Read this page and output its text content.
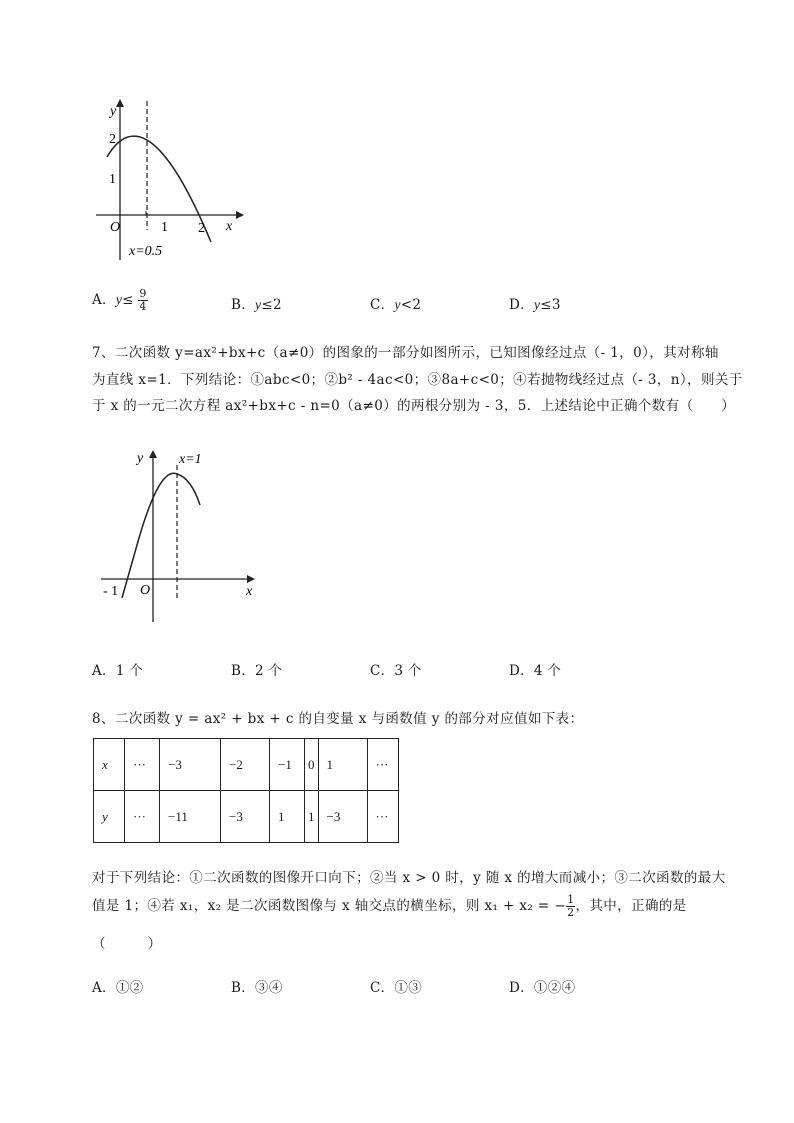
y
2
1
O	1 2 x
x=0.5
A．$y\le \frac{9}{4}$	B．y≤2	C．y<2	D．y≤3
7、二次函数 y=ax²+bx+c（a≠0）的图象的一部分如图所示，已知图像经过点（- 1，0），其对称轴
为直线 x=1．下列结论：①abc<0；②b² - 4ac<0；③8a+c<0；④若抛物线经过点（- 3，n），则关于
于 x 的一元二次方程 ax²+bx+c - n=0（a≠0）的两根分别为 - 3，5．上述结论中正确个数有（　　）
y	x=1
- 1 O	x
A．1 个	B．2 个	C．3 个	D．4 个
8、二次函数 y = ax² + bx + c 的自变量 x 与函数值 y 的部分对应值如下表：
x	···	−3	−2	−1	0	1	···
y	···	−11	−3	1	1	−3	···
对于下列结论：①二次函数的图像开口向下；②当 x > 0 时，y 随 x 的增大而减小；③二次函数的最大
值是 1；④若 x₁，x₂ 是二次函数图像与 x 轴交点的横坐标，则 x₁ + x₂ = − $\frac{1}{2}$ ，其中，正确的是
（　　　）
A．①②	B．③④	C．①③	D．①②④
